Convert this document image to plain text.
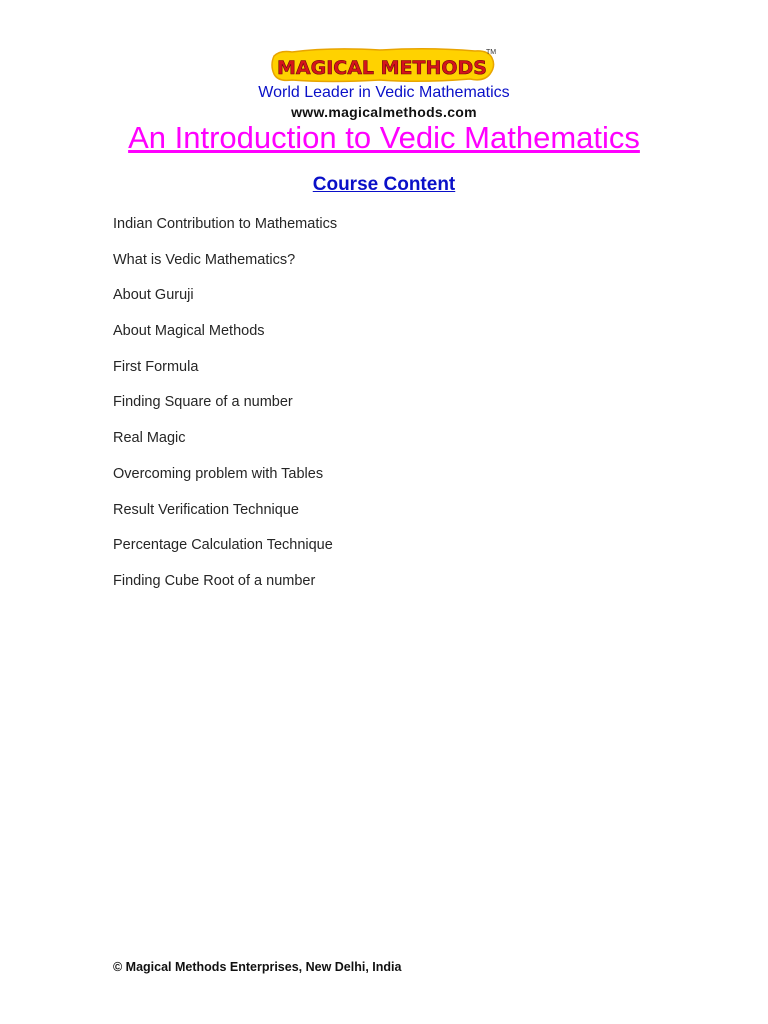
MAGICAL METHODS
TM
World Leader in Vedic Mathematics
www.magicalmethods.com
An Introduction to Vedic Mathematics
Course Content
Indian Contribution to Mathematics
What is Vedic Mathematics?
About Guruji
About Magical Methods
First Formula
Finding Square of a number
Real Magic
Overcoming problem with Tables
Result Verification Technique
Percentage Calculation Technique
Finding Cube Root of a number
© Magical Methods Enterprises, New Delhi, India
